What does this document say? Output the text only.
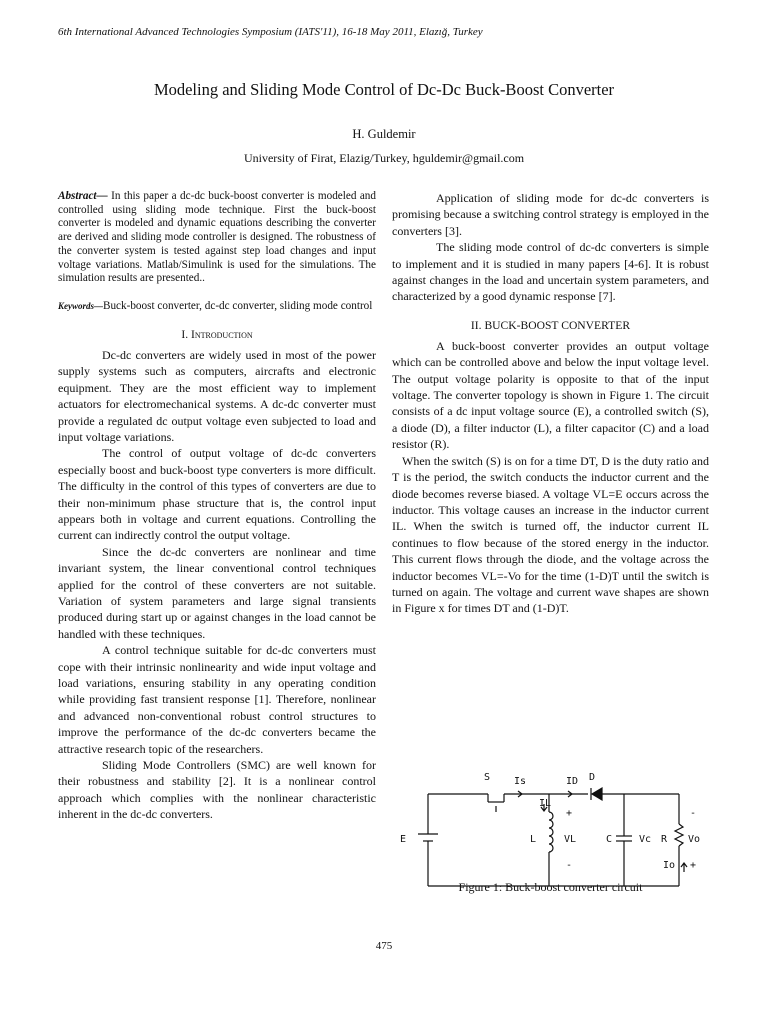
6th International Advanced Technologies Symposium (IATS'11), 16-18 May 2011, Elazığ, Turkey
Modeling and Sliding Mode Control of Dc-Dc Buck-Boost Converter
H. Guldemir
University of Firat, Elazig/Turkey, hguldemir@gmail.com

Abstract— In this paper a dc-dc buck-boost converter is modeled and controlled using sliding mode technique. First the buck-boost converter is modeled and dynamic equations describing the converter are derived and sliding mode controller is designed. The robustness of the converter system is tested against step load changes and input voltage variations. Matlab/Simulink is used for the simulations. The simulation results are presented..

Keywords—Buck-boost converter, dc-dc converter, sliding mode control

I. Introduction

Dc-dc converters are widely used in most of the power supply systems such as computers, aircrafts and electronic equipment. They are the most efficient way to implement actuators for electromechanical systems. A dc-dc converter must provide a regulated dc output voltage even subjected to load and input voltage variations.

The control of output voltage of dc-dc converters especially boost and buck-boost type converters is more difficult. The difficulty in the control of this types of converters are due to their non-minimum phase structure that is, the control input appears both in voltage and current equations. Controlling the current can indirectly control the output voltage.

Since the dc-dc converters are nonlinear and time invariant system, the linear conventional control techniques applied for the control of these converters are not suitable. Variation of system parameters and large signal transients produced during start up or against changes in the load cannot be handled with these techniques.

A control technique suitable for dc-dc converters must cope with their intrinsic nonlinearity and wide input voltage and load variations, ensuring stability in any operating condition while providing fast transient response [1]. Therefore, nonlinear and advanced non-conventional robust control structures to improve the performance of the dc-dc converters became the attractive research topic of the researchers.

Sliding Mode Controllers (SMC) are well known for their robustness and stability [2]. It is a nonlinear control approach which complies with the nonlinear characteristic inherent in the dc-dc converters.

Application of sliding mode for dc-dc converters is promising because a switching control strategy is employed in the converters [3].

The sliding mode control of dc-dc converters is simple to implement and it is studied in many papers [4-6]. It is robust against changes in the load and uncertain system parameters, and characterized by a good dynamic response [7].

II. BUCK-BOOST CONVERTER

A buck-boost converter provides an output voltage which can be controlled above and below the input voltage level. The output voltage polarity is opposite to that of the input voltage. The converter topology is shown in Figure 1. The circuit consists of a dc input voltage source (E), a controlled switch (S), a diode (D), a filter inductor (L), a filter capacitor (C) and a load resistor (R).

When the switch (S) is on for a time DT, D is the duty ratio and T is the period, the switch conducts the inductor current and the diode becomes reverse biased. A voltage VL=E occurs across the inductor. This voltage causes an increase in the inductor current IL. When the switch is turned off, the inductor current IL continues to flow because of the stored energy in the inductor. This current flows through the diode, and the voltage across the inductor becomes VL=-Vo for the time (1-D)T until the switch is turned on again. The voltage and current wave shapes are shown in Figure x for times DT and (1-D)T.

S Is	ID D
IL
+
E	L	VL	C	Vc R Vo
-
-
Io +
Figure 1: Buck-boost converter circuit
475
